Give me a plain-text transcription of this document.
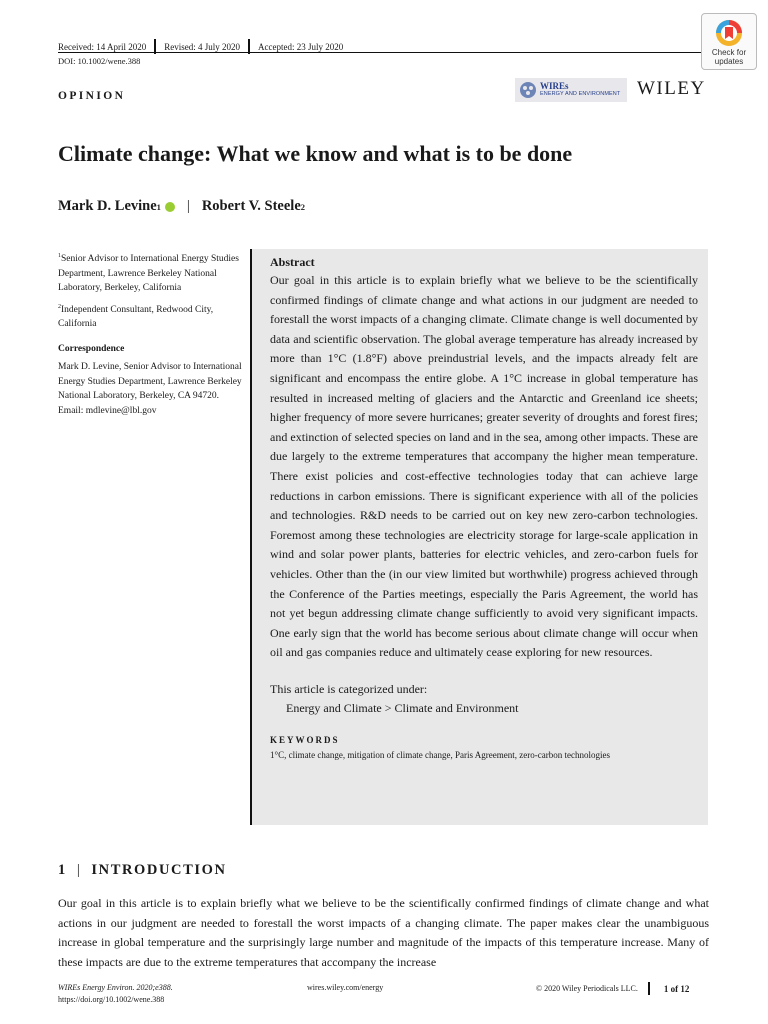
Received: 14 April 2020 Revised: 4 July 2020 Accepted: 23 July 2020
DOI: 10.1002/wene.388
Check for
updates
OPINION
WIREs
ENERGY AND ENVIRONMENT WILEY
Climate change: What we know and what is to be done
Mark D. Levine 1 | Robert V. Steele 2

$^1$Senior Advisor to International Energy Studies Department, Lawrence Berkeley National Laboratory, Berkeley, California

$^2$Independent Consultant, Redwood City, California

Correspondence

Mark D. Levine, Senior Advisor to International Energy Studies Department, Lawrence Berkeley National Laboratory, Berkeley, CA 94720.
Email: mdlevine@lbl.gov

Abstract
Our goal in this article is to explain briefly what we believe to be the scientifically confirmed findings of climate change and what actions in our judgment are needed to forestall the worst impacts of a changing climate. Climate change is well documented by data and scientific observation. The global average temperature has already increased by more than 1°C (1.8°F) above preindustrial levels, and the impacts already felt are significant and encompass the entire globe. A 1°C increase in global temperature has resulted in increased melting of glaciers and the Antarctic and Greenland ice sheets; higher frequency of more severe hurricanes; greater severity of droughts and forest fires; and extinction of selected species on land and in the sea, among other impacts. These are due largely to the extreme temperatures that accompany the higher mean temperature. There exist policies and cost-effective technologies today that can achieve large reductions in carbon emissions. There is significant experience with all of the policies and technologies. R&D needs to be carried out on key new zero-carbon technologies. Foremost among these technologies are electricity storage for large-scale application in wind and solar power plants, batteries for electric vehicles, and zero-carbon fuels for vehicles. Other than the (in our view limited but worthwhile) progress achieved through the Conference of the Parties meetings, especially the Paris Agreement, the world has not yet begun addressing climate change sufficiently to avoid very significant impacts. One early sign that the world has become serious about climate change will occur when oil and gas companies reduce and ultimately cease exploring for new resources.
This article is categorized under:
Energy and Climate > Climate and Environment
KEYWORDS
1°C, climate change, mitigation of climate change, Paris Agreement, zero-carbon technologies
1 | INTRODUCTION
Our goal in this article is to explain briefly what we believe to be the scientifically confirmed findings of climate change and what actions in our judgment are needed to forestall the worst impacts of a changing climate. The paper makes clear the unambiguous increase in global temperature and the surprisingly large number and magnitude of the impacts of this temperature increase. Many of these impacts are due to the extreme temperatures that accompany the increase
WIREs Energy Environ. 2020;e388.
https://doi.org/10.1002/wene.388
wires.wiley.com/energy	© 2020 Wiley Periodicals LLC.	1 of 12
